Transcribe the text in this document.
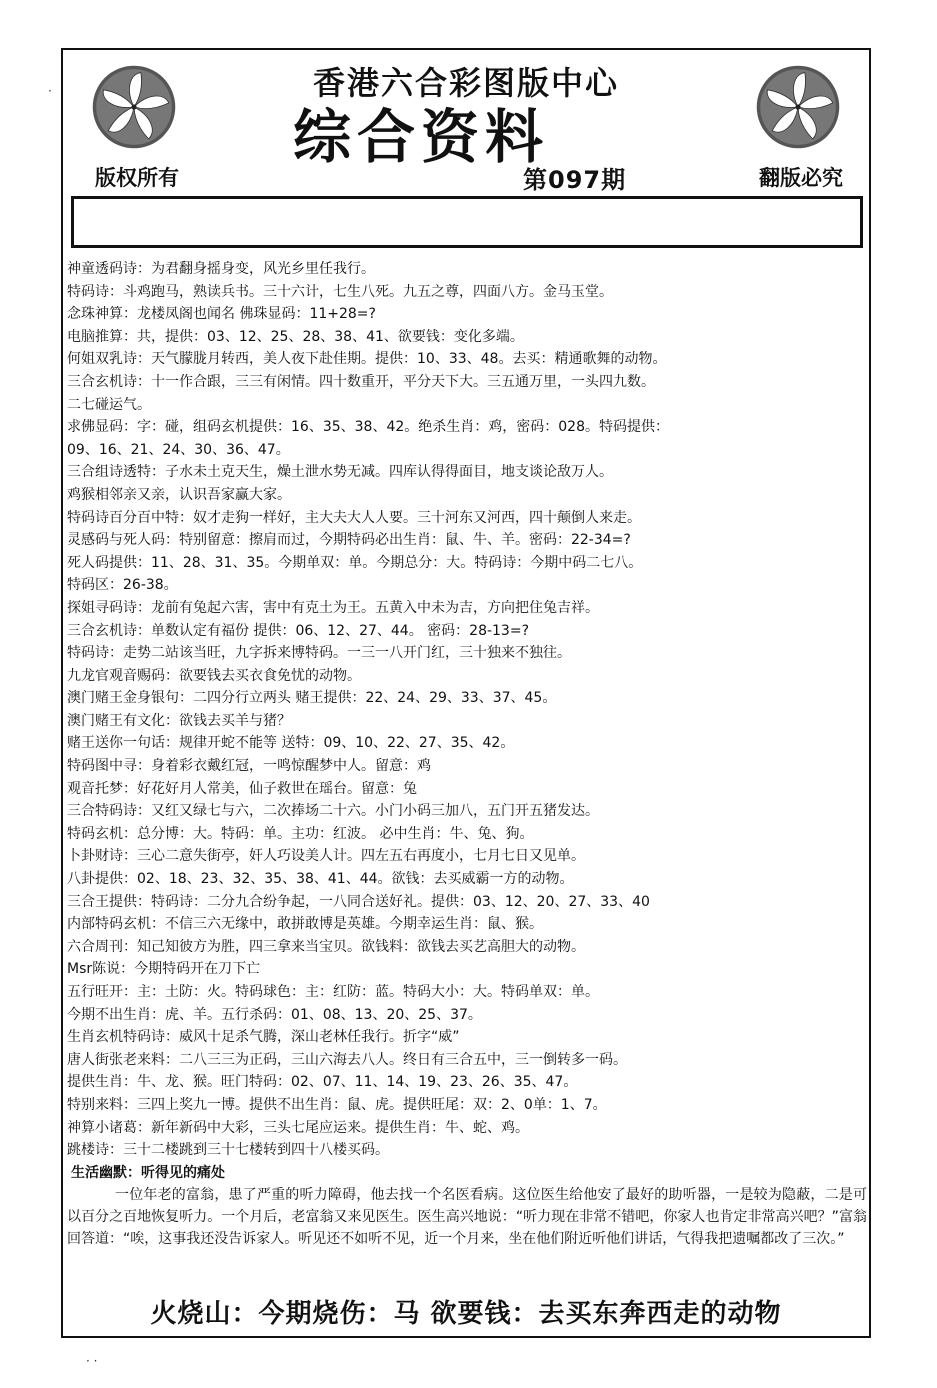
·
· ·
香港六合彩图版中心
综合资料
第097期
版权所有	翻版必究
神童透码诗：为君翻身摇身变，风光乡里任我行。
特码诗：斗鸡跑马，熟读兵书。三十六计，七生八死。九五之尊，四面八方。金马玉堂。
念珠神算：龙楼凤阁也闻名 佛珠显码：11+28=?
电脑推算：共，提供：03、12、25、28、38、41、欲要钱：变化多端。
何姐双乳诗：天气朦胧月转西，美人夜下赴佳期。提供：10、33、48。去买：精通歌舞的动物。
三合玄机诗：十一作合跟，三三有闲情。四十数重开，平分天下大。三五通万里，一头四九数。
二七碰运气。
求佛显码：字：碰，组码玄机提供：16、35、38、42。绝杀生肖：鸡，密码：028。特码提供：
09、16、21、24、30、36、47。
三合组诗透特：子水未土克天生，燥土泄水势无减。四库认得得面目，地支谈论敌万人。
鸡猴相邻亲又亲，认识吾家赢大家。
特码诗百分百中特：奴才走狗一样好，主大夫大人人要。三十河东又河西，四十颠倒人来走。
灵感码与死人码：特别留意：擦肩而过，今期特码必出生肖：鼠、牛、羊。密码：22-34=?
死人码提供：11、28、31、35。今期单双：单。今期总分：大。特码诗：今期中码二七八。
特码区：26-38。
探姐寻码诗：龙前有兔起六害，害中有克土为王。五黄入中未为吉，方向把住兔吉祥。
三合玄机诗：单数认定有福份 提供：06、12、27、44。 密码：28-13=?
特码诗：走势二站该当旺，九字拆来博特码。一三一八开门红，三十独来不独往。
九龙官观音赐码：欲要钱去买衣食免忧的动物。
澳门赌王金身银句：二四分行立两头 赌王提供：22、24、29、33、37、45。
澳门赌王有文化：欲钱去买羊与猪？
赌王送你一句话：规律开蛇不能等 送特：09、10、22、27、35、42。
特码图中寻：身着彩衣戴红冠，一鸣惊醒梦中人。留意：鸡
观音托梦：好花好月人常美，仙子救世在瑶台。留意：兔
三合特码诗：又红又绿七与六，二次捧场二十六。小门小码三加八，五门开五猪发达。
特码玄机：总分博：大。特码：单。主功：红波。 必中生肖：牛、兔、狗。
卜卦财诗：三心二意失街亭，奸人巧设美人计。四左五右再度小，七月七日又见单。
八卦提供：02、18、23、32、35、38、41、44。欲钱：去买威霸一方的动物。
三合王提供：特码诗：二分九合纷争起，一八同合送好礼。提供：03、12、20、27、33、40
内部特码玄机：不信三六无缘中，敢拼敢博是英雄。今期幸运生肖：鼠、猴。
六合周刊：知己知彼方为胜，四三拿来当宝贝。欲钱料：欲钱去买艺高胆大的动物。
Msr陈说：今期特码开在刀下亡
五行旺开：主：土防：火。特码球色：主：红防：蓝。特码大小：大。特码单双：单。
今期不出生肖：虎、羊。五行杀码：01、08、13、20、25、37。
生肖玄机特码诗：威风十足杀气腾，深山老林任我行。折字“威”
唐人街张老来料：二八三三为正码，三山六海去八人。终日有三合五中，三一倒转多一码。
提供生肖：牛、龙、猴。旺门特码：02、07、11、14、19、23、26、35、47。
特别来料：三四上奖九一博。提供不出生肖：鼠、虎。提供旺尾：双：2、0单：1、7。
神算小诸葛：新年新码中大彩，三头七尾应运来。提供生肖：牛、蛇、鸡。
跳楼诗：三十二楼跳到三十七楼转到四十八楼买码。
生活幽默：听得见的痛处

一位年老的富翁，患了严重的听力障碍，他去找一个名医看病。这位医生给他安了最好的助听器，一是较为隐蔽，二是可以百分之百地恢复听力。一个月后，老富翁又来见医生。医生高兴地说：“听力现在非常不错吧，你家人也肯定非常高兴吧？”富翁回答道：“唉，这事我还没告诉家人。听见还不如听不见，近一个月来，坐在他们附近听他们讲话，气得我把遗嘱都改了三次。”

火烧山：今期烧伤：马 欲要钱：去买东奔西走的动物
